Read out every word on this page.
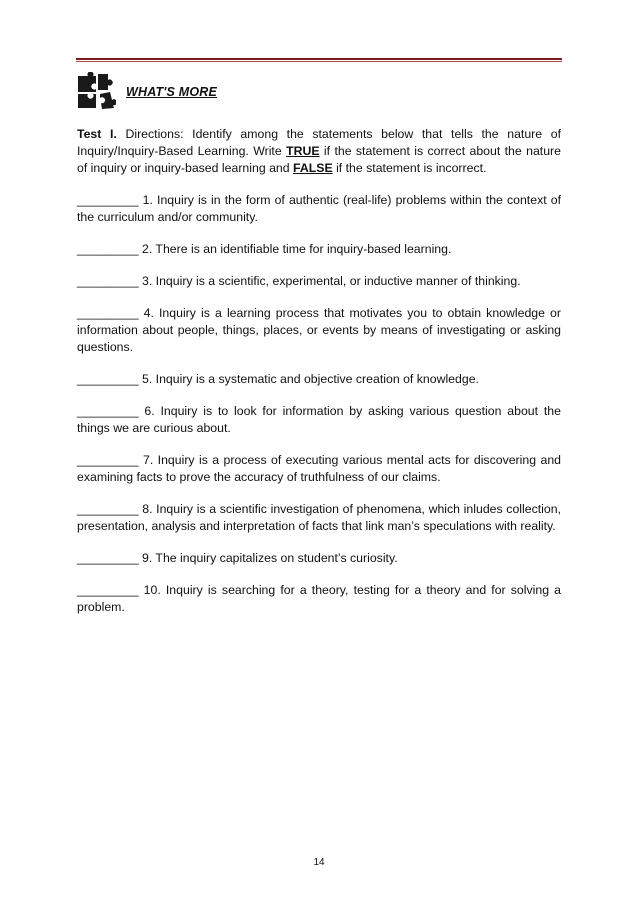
WHAT'S MORE

Test I. Directions: Identify among the statements below that tells the nature of Inquiry/Inquiry-Based Learning. Write TRUE if the statement is correct about the nature of inquiry or inquiry-based learning and FALSE if the statement is incorrect.

_________ 1. Inquiry is in the form of authentic (real-life) problems within the context of the curriculum and/or community.

_________ 2. There is an identifiable time for inquiry-based learning.

_________ 3. Inquiry is a scientific, experimental, or inductive manner of thinking.

_________ 4. Inquiry is a learning process that motivates you to obtain knowledge or information about people, things, places, or events by means of investigating or asking questions.

_________ 5. Inquiry is a systematic and objective creation of knowledge.

_________ 6. Inquiry is to look for information by asking various question about the things we are curious about.

_________ 7. Inquiry is a process of executing various mental acts for discovering and examining facts to prove the accuracy of truthfulness of our claims.

_________ 8. Inquiry is a scientific investigation of phenomena, which inludes collection, presentation, analysis and interpretation of facts that link man’s speculations with reality.

_________ 9. The inquiry capitalizes on student’s curiosity.

_________ 10. Inquiry is searching for a theory, testing for a theory and for solving a problem.

14
